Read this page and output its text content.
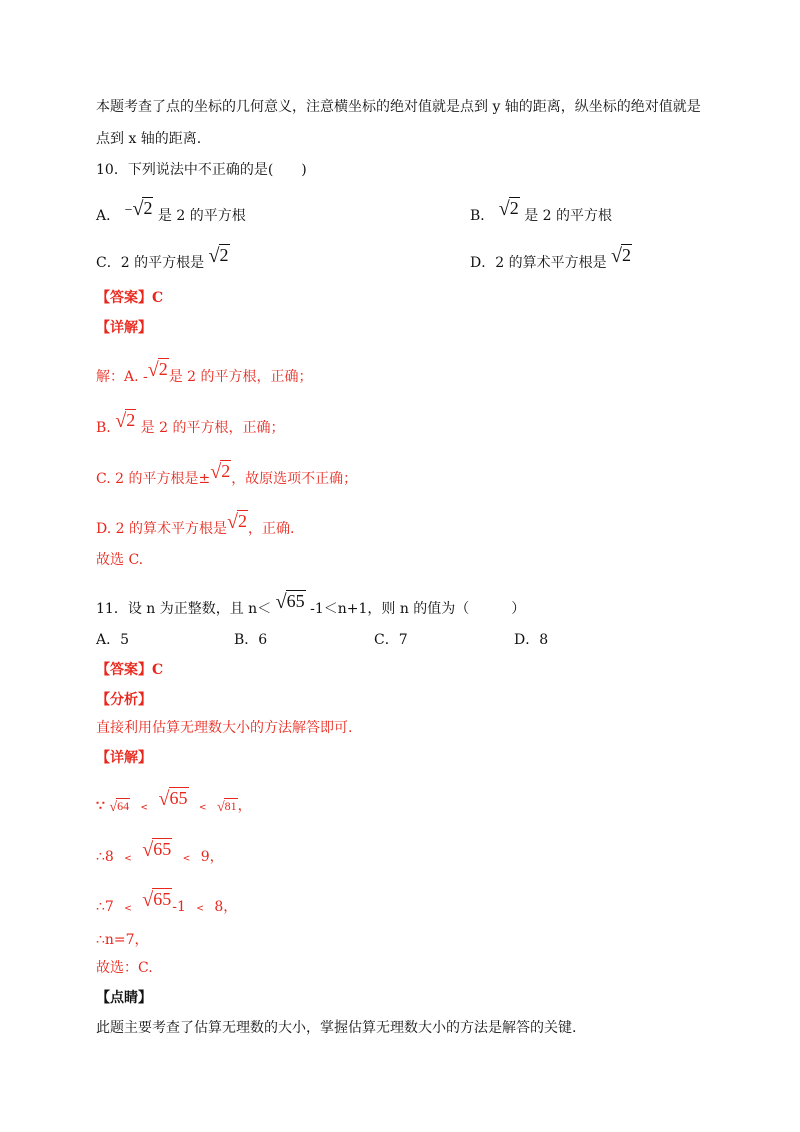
本题考查了点的坐标的几何意义，注意横坐标的绝对值就是点到 y 轴的距离，纵坐标的绝对值就是
点到 x 轴的距离.
10．下列说法中不正确的是(　　)
A． −√2 是 2 的平方根	B． √2 是 2 的平方根
C．2 的平方根是 √2	D．2 的算术平方根是 √2
【答案】C
【详解】
解：A. -√2是 2 的平方根，正确；
B. √2 是 2 的平方根，正确；
C. 2 的平方根是±√2，故原选项不正确；
D. 2 的算术平方根是√2，正确.
故选 C.
11．设 n 为正整数，且 n＜ √65 -1＜n+1，则 n 的值为（　　　）
A．5	B．6	C．7	D．8
【答案】C
【分析】
直接利用估算无理数大小的方法解答即可.
【详解】
∵ √64 < √65 < √81，
∴8 < √65 < 9，
∴7 < √65-1 < 8，
∴n=7，
故选：C.
【点睛】
此题主要考查了估算无理数的大小，掌握估算无理数大小的方法是解答的关键.
